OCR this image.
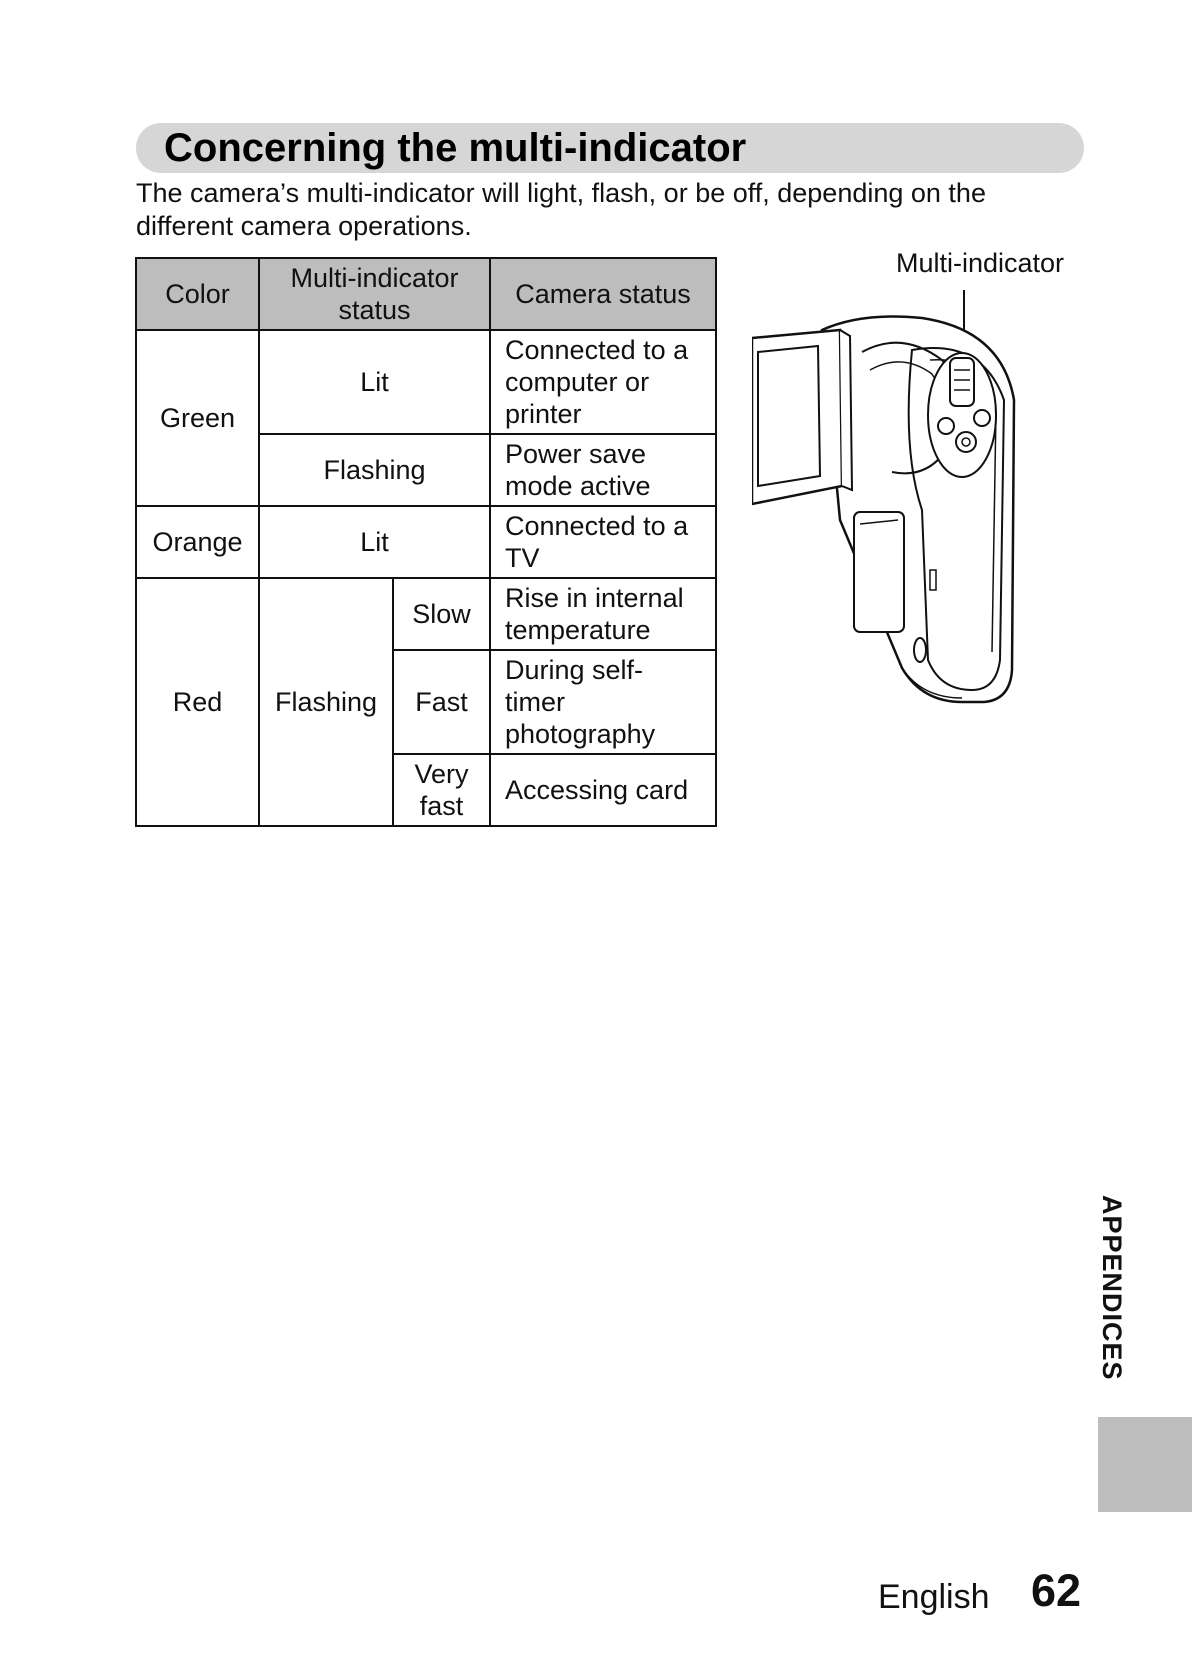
Concerning the multi-indicator
The camera’s multi-indicator will light, flash, or be off, depending on the different camera operations.
Color	Multi-indicator status		Camera status
Green	Lit		Connected to a computer or printer
	Flashing		Power save mode active
Orange	Lit		Connected to a TV
Red	Flashing	Slow	Rise in internal temperature
		Fast	During self-timer photography
		Very fast	Accessing card
Multi-indicator
APPENDICES
English 62
